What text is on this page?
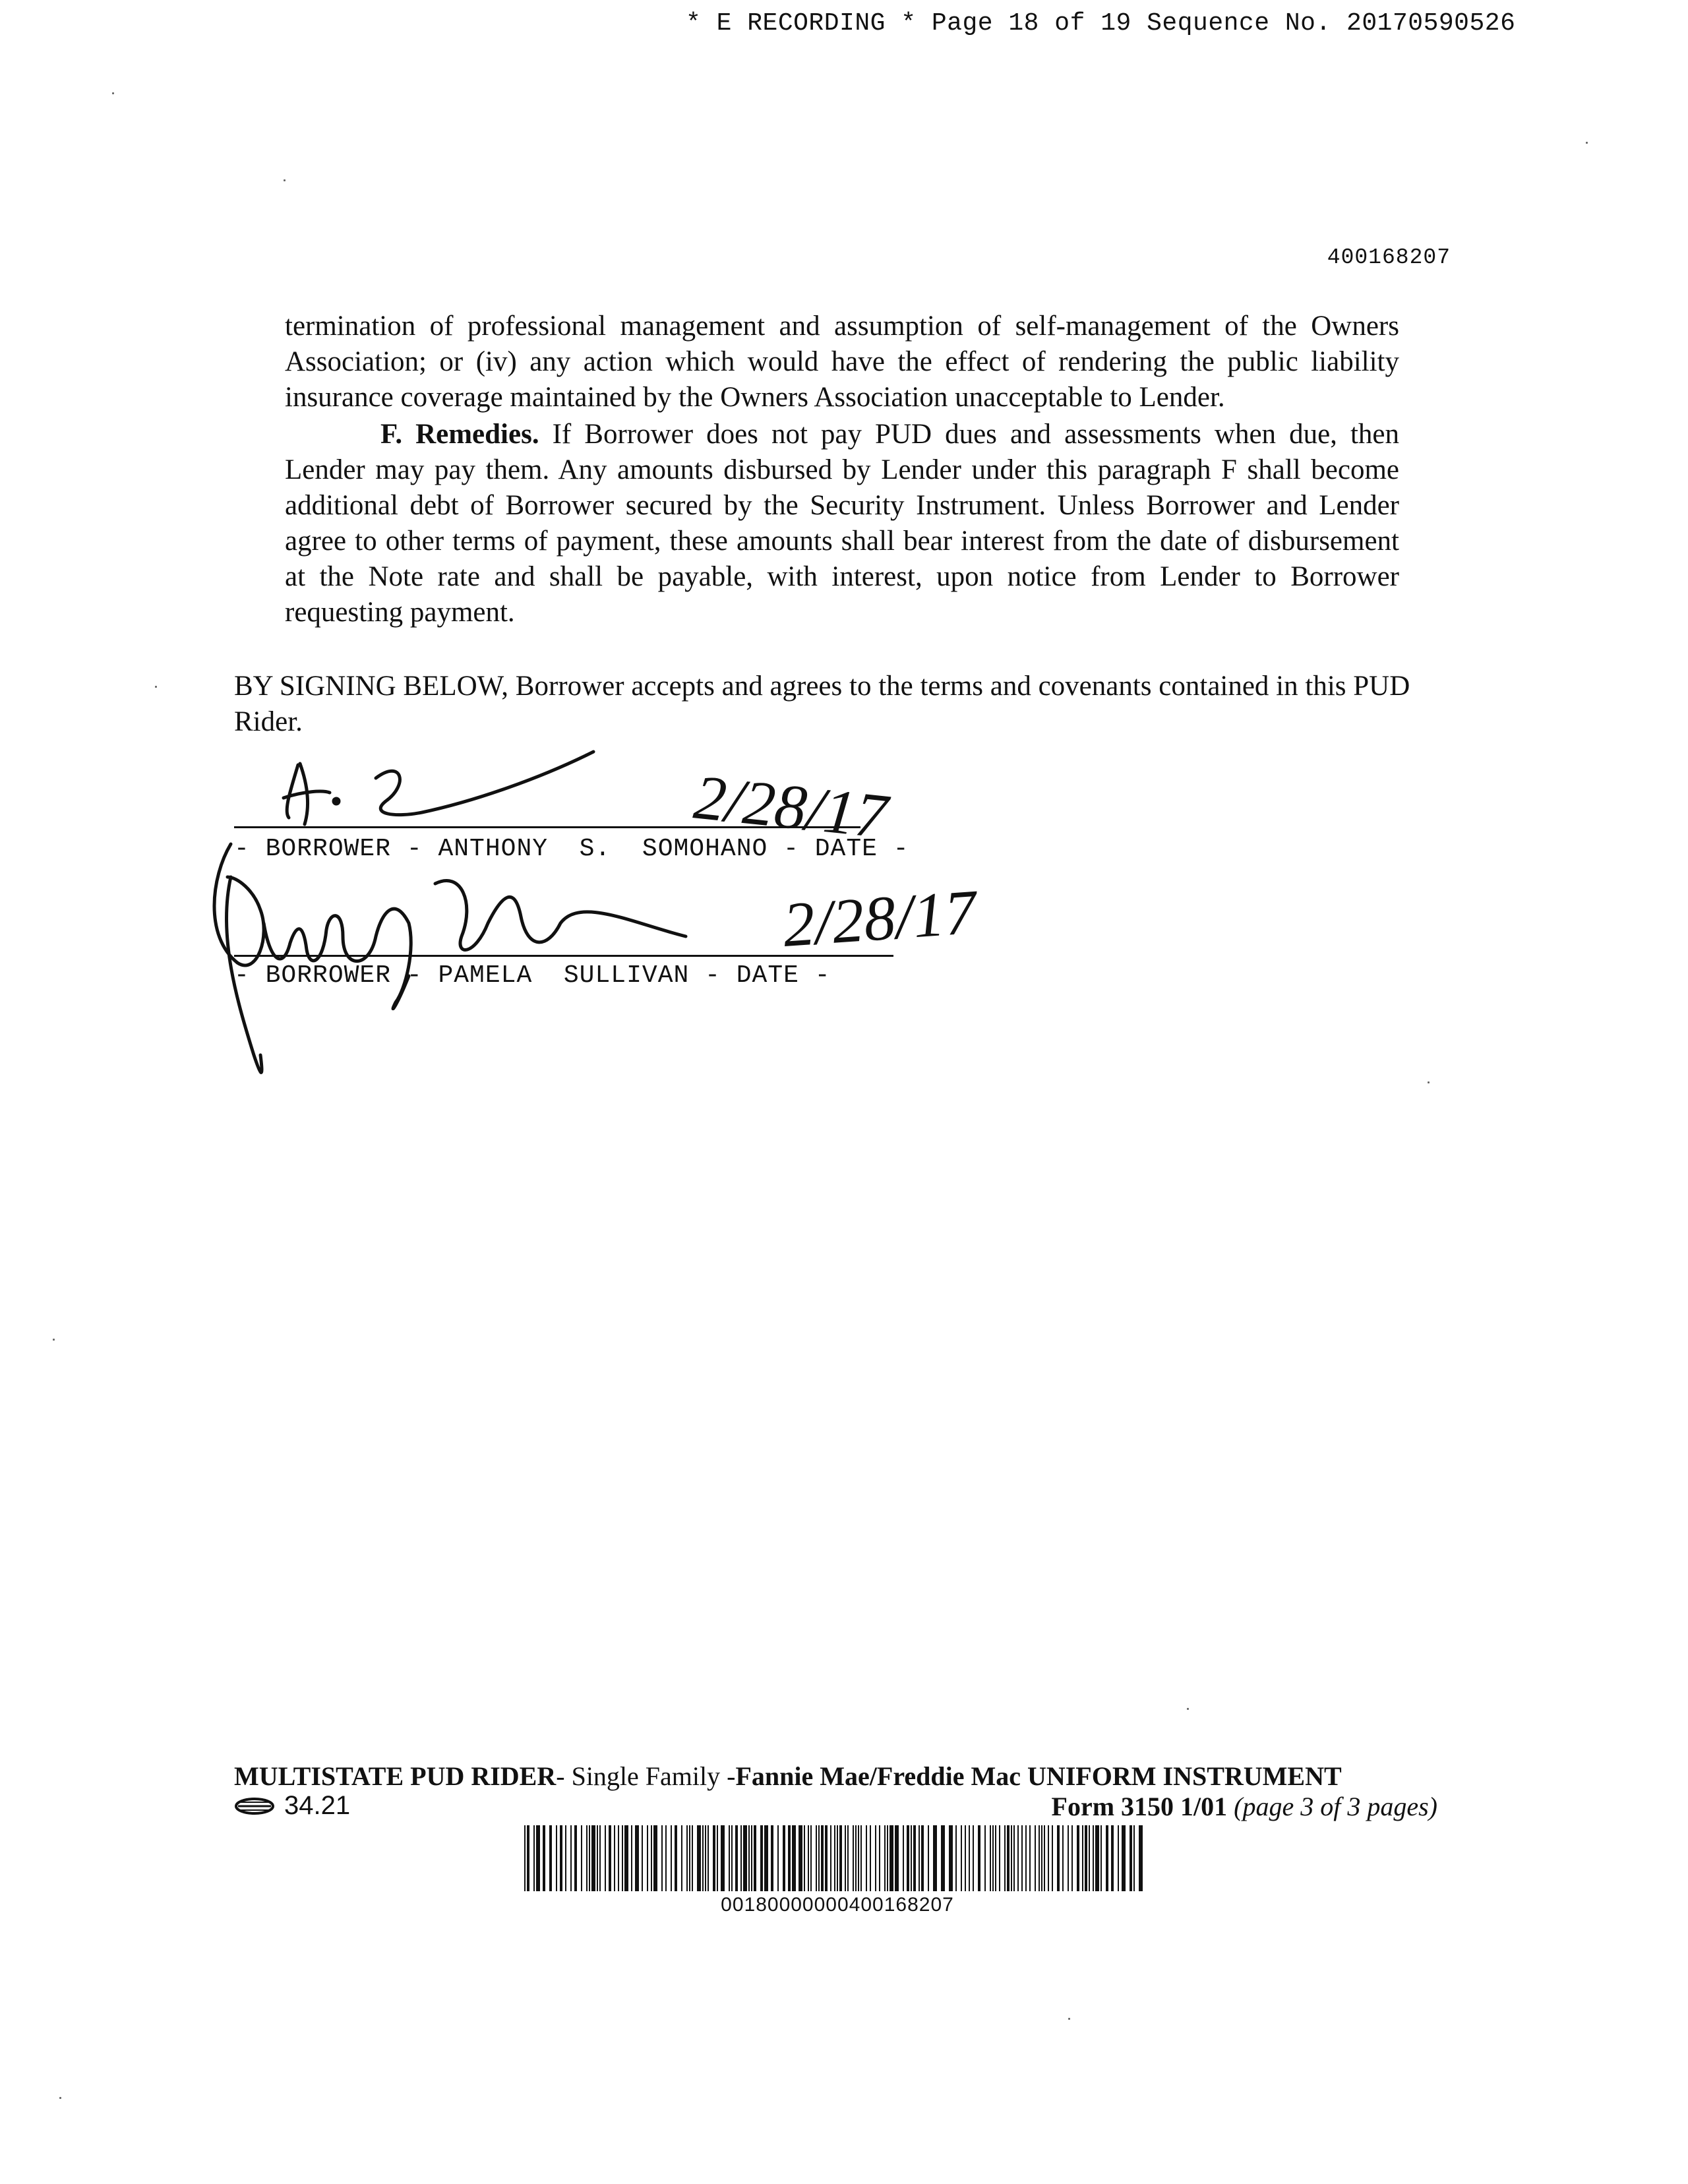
* E RECORDING * Page 18 of 19 Sequence No. 20170590526
400168207
termination of professional management and assumption of self-management of the Owners Association; or (iv) any action which would have the effect of rendering the public liability insurance coverage maintained by the Owners Association unacceptable to Lender.
F. Remedies. If Borrower does not pay PUD dues and assessments when due, then Lender may pay them. Any amounts disbursed by Lender under this paragraph F shall become additional debt of Borrower secured by the Security Instrument. Unless Borrower and Lender agree to other terms of payment, these amounts shall bear interest from the date of disbursement at the Note rate and shall be payable, with interest, upon notice from Lender to Borrower requesting payment.
BY SIGNING BELOW, Borrower accepts and agrees to the terms and covenants contained in this PUD Rider.
- BORROWER - ANTHONY  S.  SOMOHANO - DATE -
- BORROWER - PAMELA  SULLIVAN - DATE -
2/28/17
2/28/17
MULTISTATE PUD RIDER- Single Family -Fannie Mae/Freddie Mac UNIFORM INSTRUMENT
34.21	Form 3150 1/01 (page 3 of 3 pages)
00180000000400168207
